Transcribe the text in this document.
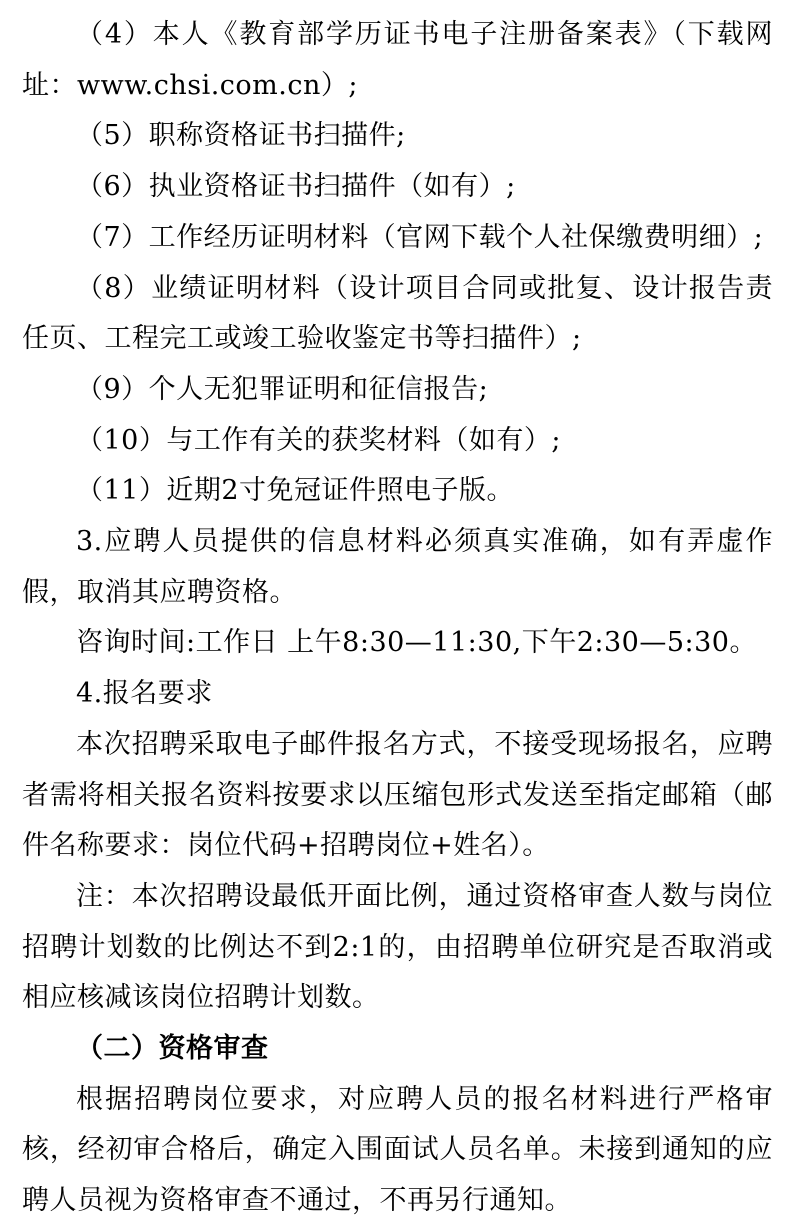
（4）本人《教育部学历证书电子注册备案表》（下载网址：www.chsi.com.cn）;

（5）职称资格证书扫描件;

（6）执业资格证书扫描件（如有）;

（7）工作经历证明材料（官网下载个人社保缴费明细）;

（8）业绩证明材料（设计项目合同或批复、设计报告责任页、工程完工或竣工验收鉴定书等扫描件）;

（9）个人无犯罪证明和征信报告;

（10）与工作有关的获奖材料（如有）;

（11）近期2寸免冠证件照电子版。

3.应聘人员提供的信息材料必须真实准确，如有弄虚作假，取消其应聘资格。

咨询时间:工作日 上午8:30—11:30,下午2:30—5:30。

4.报名要求

本次招聘采取电子邮件报名方式，不接受现场报名，应聘者需将相关报名资料按要求以压缩包形式发送至指定邮箱（邮件名称要求：岗位代码+招聘岗位+姓名）。

注：本次招聘设最低开面比例，通过资格审查人数与岗位招聘计划数的比例达不到2:1的，由招聘单位研究是否取消或相应核减该岗位招聘计划数。

（二）资格审查

根据招聘岗位要求，对应聘人员的报名材料进行严格审核，经初审合格后，确定入围面试人员名单。未接到通知的应聘人员视为资格审查不通过，不再另行通知。
